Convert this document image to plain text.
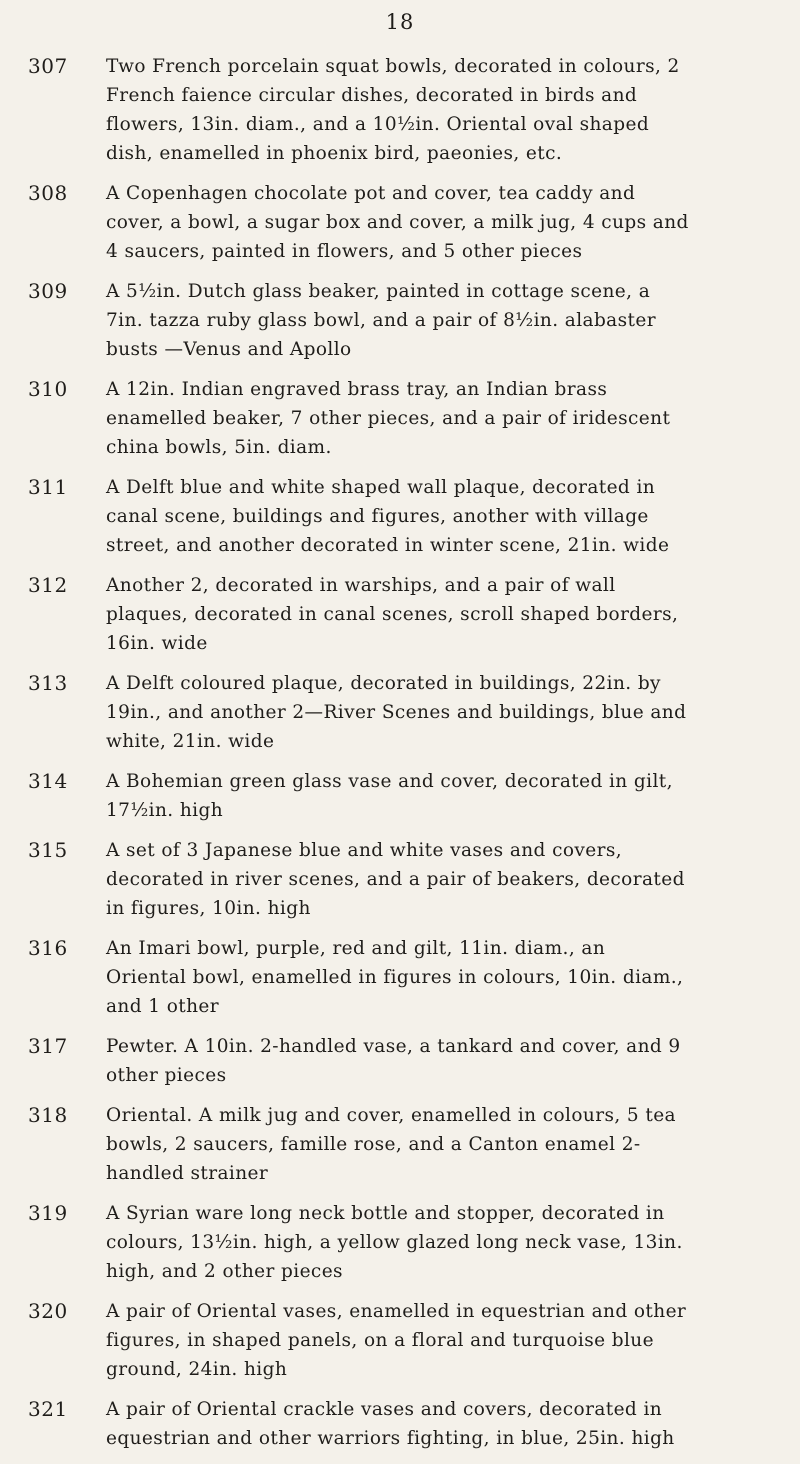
18
307 Two French porcelain squat bowls, decorated in colours, 2 French faience circular dishes, decorated in birds and flowers, 13in. diam., and a 10½in. Oriental oval shaped dish, enamelled in phoenix bird, paeonies, etc.
308 A Copenhagen chocolate pot and cover, tea caddy and cover, a bowl, a sugar box and cover, a milk jug, 4 cups and 4 saucers, painted in flowers, and 5 other pieces
309 A 5½in. Dutch glass beaker, painted in cottage scene, a 7in. tazza ruby glass bowl, and a pair of 8½in. alabaster busts —Venus and Apollo
310 A 12in. Indian engraved brass tray, an Indian brass enamelled beaker, 7 other pieces, and a pair of iridescent china bowls, 5in. diam.
311 A Delft blue and white shaped wall plaque, decorated in canal scene, buildings and figures, another with village street, and another decorated in winter scene, 21in. wide
312 Another 2, decorated in warships, and a pair of wall plaques, decorated in canal scenes, scroll shaped borders, 16in. wide
313 A Delft coloured plaque, decorated in buildings, 22in. by 19in., and another 2—River Scenes and buildings, blue and white, 21in. wide
314 A Bohemian green glass vase and cover, decorated in gilt, 17½in. high
315 A set of 3 Japanese blue and white vases and covers, decorated in river scenes, and a pair of beakers, decorated in figures, 10in. high
316 An Imari bowl, purple, red and gilt, 11in. diam., an Oriental bowl, enamelled in figures in colours, 10in. diam., and 1 other
317 Pewter. A 10in. 2-handled vase, a tankard and cover, and 9 other pieces
318 Oriental. A milk jug and cover, enamelled in colours, 5 tea bowls, 2 saucers, famille rose, and a Canton enamel 2-handled strainer
319 A Syrian ware long neck bottle and stopper, decorated in colours, 13½in. high, a yellow glazed long neck vase, 13in. high, and 2 other pieces
320 A pair of Oriental vases, enamelled in equestrian and other figures, in shaped panels, on a floral and turquoise blue ground, 24in. high
321 A pair of Oriental crackle vases and covers, decorated in equestrian and other warriors fighting, in blue, 25in. high
